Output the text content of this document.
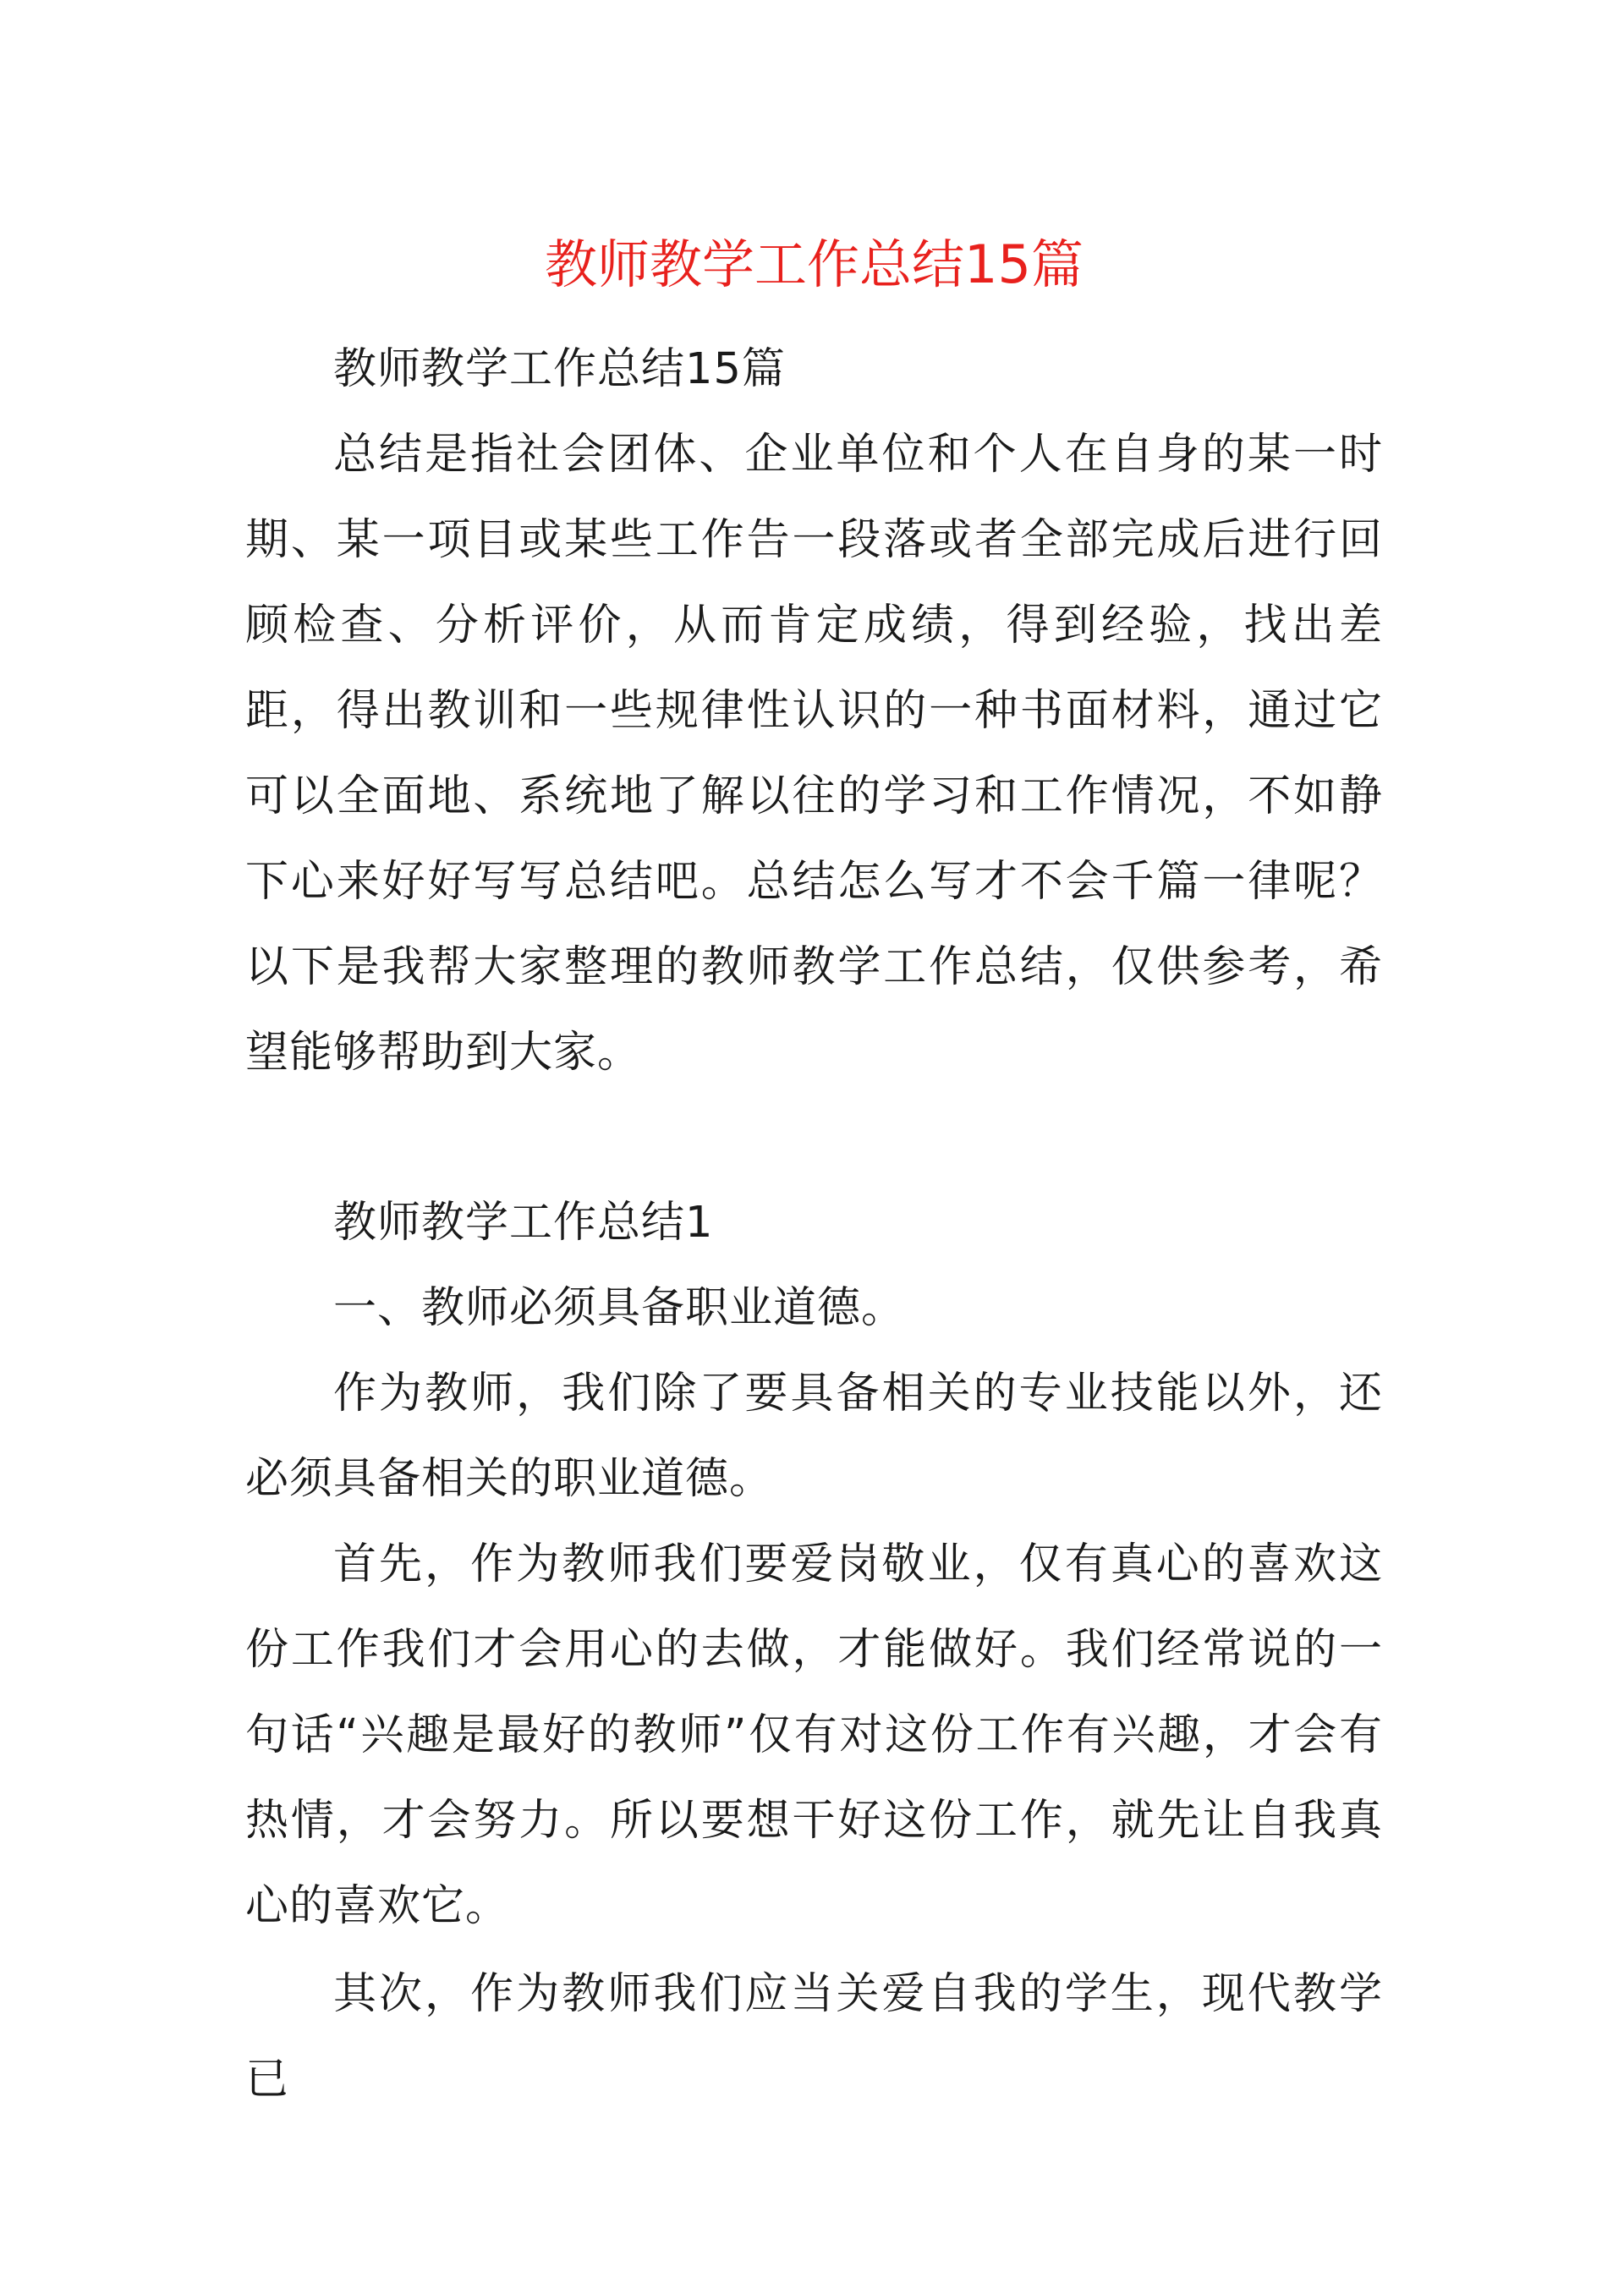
教师教学工作总结15篇

教师教学工作总结15篇

总结是指社会团体、企业单位和个人在自身的某一时期、某一项目或某些工作告一段落或者全部完成后进行回顾检查、分析评价，从而肯定成绩，得到经验，找出差距，得出教训和一些规律性认识的一种书面材料，通过它可以全面地、系统地了解以往的学习和工作情况，不如静下心来好好写写总结吧。总结怎么写才不会千篇一律呢？以下是我帮大家整理的教师教学工作总结，仅供参考，希望能够帮助到大家。

教师教学工作总结1

一、教师必须具备职业道德。

作为教师，我们除了要具备相关的专业技能以外，还必须具备相关的职业道德。

首先，作为教师我们要爱岗敬业，仅有真心的喜欢这份工作我们才会用心的去做，才能做好。我们经常说的一句话“兴趣是最好的教师”仅有对这份工作有兴趣，才会有热情，才会努力。所以要想干好这份工作，就先让自我真心的喜欢它。

其次，作为教师我们应当关爱自我的学生，现代教学已
